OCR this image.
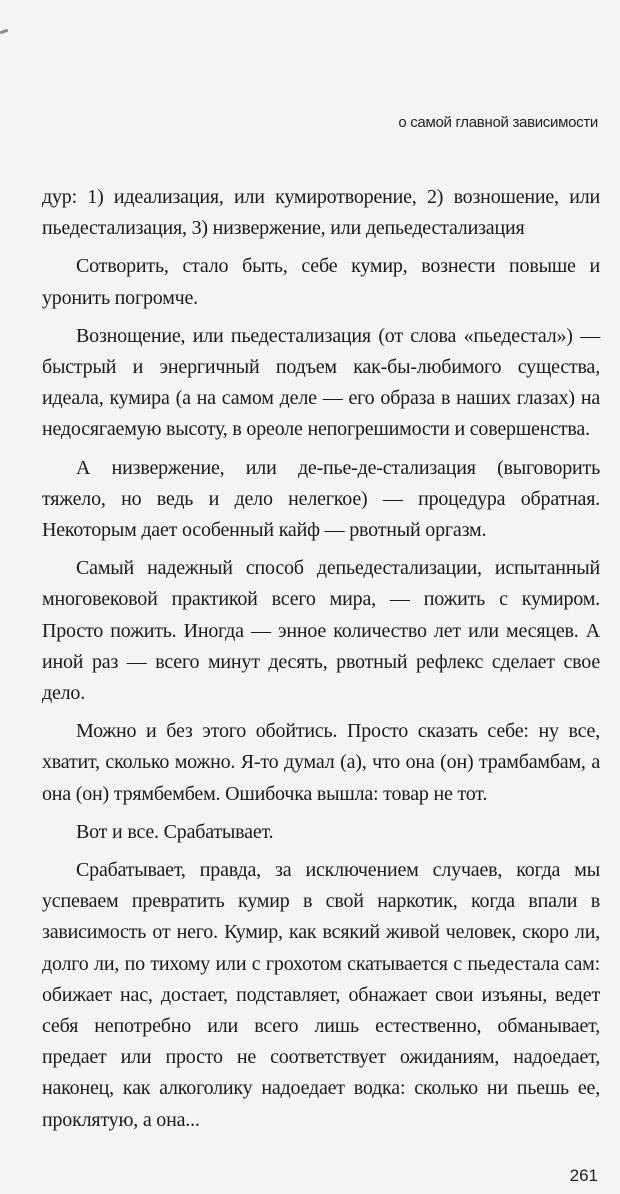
о самой главной зависимости

дур: 1) идеализация, или кумиротворение, 2) возношение, или пьедестализация, 3) низвержение, или депьедестализация

Сотворить, стало быть, себе кумир, вознести повыше и уронить погромче.

Вознощение, или пьедестализация (от слова «пьедестал») — быстрый и энергичный подъем как-бы-любимого существа, идеала, кумира (а на самом деле — его образа в наших глазах) на недосягаемую высоту, в ореоле непогрешимости и совершенства.

А низвержение, или де-пье-де-стализация (выговорить тяжело, но ведь и дело нелегкое) — процедура обратная. Некоторым дает особенный кайф — рвотный оргазм.

Самый надежный способ депьедестализации, испытанный многовековой практикой всего мира, — пожить с кумиром. Просто пожить. Иногда — энное количество лет или месяцев. А иной раз — всего минут десять, рвотный рефлекс сделает свое дело.

Можно и без этого обойтись. Просто сказать себе: ну все, хватит, сколько можно. Я-то думал (а), что она (он) трамбамбам, а она (он) трямбембем. Ошибочка вышла: товар не тот.

Вот и все. Срабатывает.

Срабатывает, правда, за исключением случаев, когда мы успеваем превратить кумир в свой наркотик, когда впали в зависимость от него. Кумир, как всякий живой человек, скоро ли, долго ли, по тихому или с грохотом скатывается с пьедестала сам: обижает нас, достает, подставляет, обнажает свои изъяны, ведет себя непотребно или всего лишь естественно, обманывает, предает или просто не соответствует ожиданиям, надоедает, наконец, как алкоголику надоедает водка: сколько ни пьешь ее, проклятую, а она...

261
